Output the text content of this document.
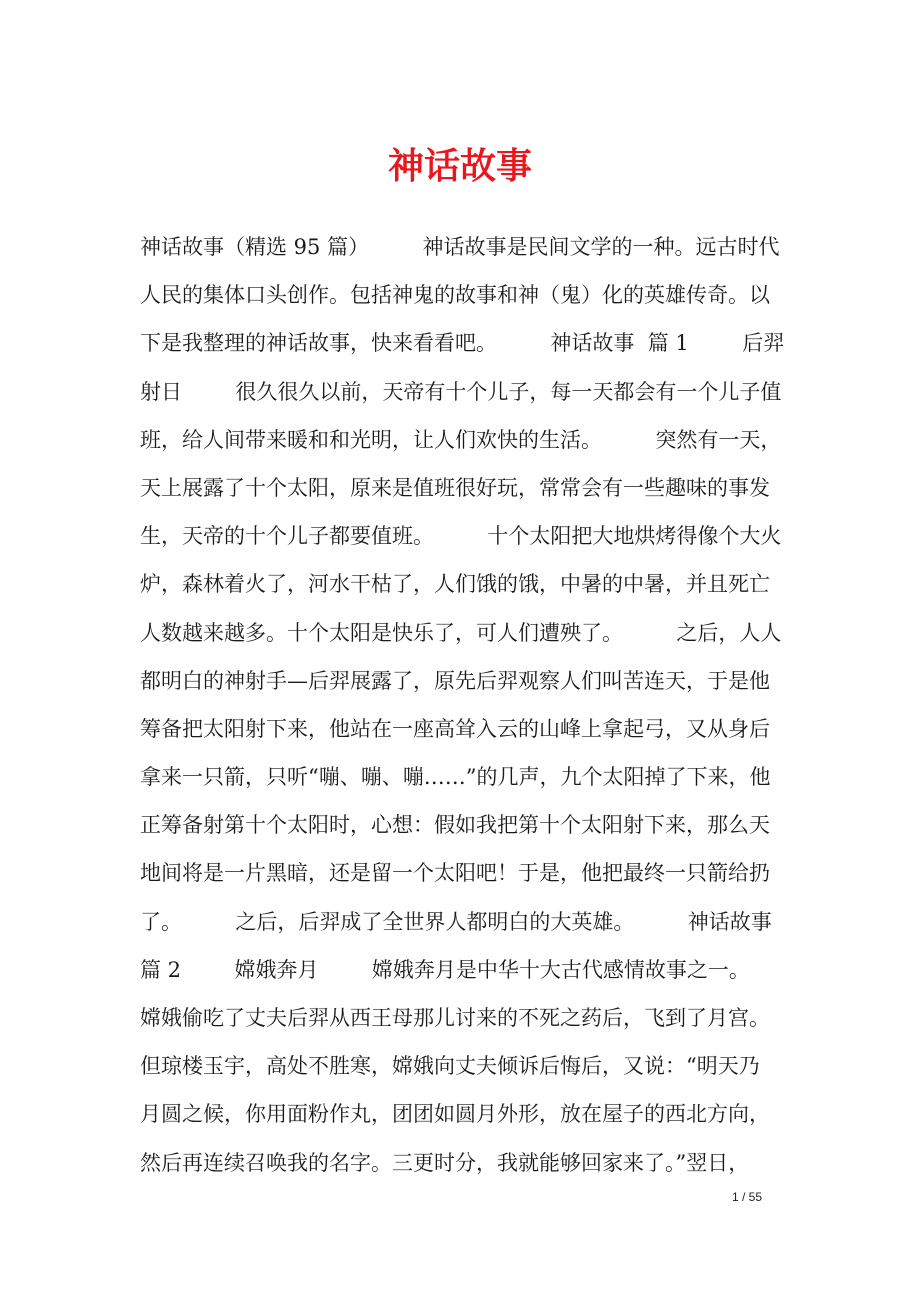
神话故事
神话故事（精选 95 篇）        神话故事是民间文学的一种。远古时代
人民的集体口头创作。包括神鬼的故事和神（鬼）化的英雄传奇。以
下是我整理的神话故事，快来看看吧。        神话故事  篇 1        后羿
射日        很久很久以前，天帝有十个儿子，每一天都会有一个儿子值
班，给人间带来暖和和光明，让人们欢快的生活。        突然有一天，
天上展露了十个太阳，原来是值班很好玩，常常会有一些趣味的事发
生，天帝的十个儿子都要值班。        十个太阳把大地烘烤得像个大火
炉，森林着火了，河水干枯了，人们饿的饿，中暑的中暑，并且死亡
人数越来越多。十个太阳是快乐了，可人们遭殃了。        之后，人人
都明白的神射手—后羿展露了，原先后羿观察人们叫苦连天，于是他
筹备把太阳射下来，他站在一座高耸入云的山峰上拿起弓，又从身后
拿来一只箭，只听“嘣、嘣、嘣……”的几声，九个太阳掉了下来，他
正筹备射第十个太阳时，心想：假如我把第十个太阳射下来，那么天
地间将是一片黑暗，还是留一个太阳吧！于是，他把最终一只箭给扔
了。        之后，后羿成了全世界人都明白的大英雄。        神话故事
篇 2        嫦娥奔月        嫦娥奔月是中华十大古代感情故事之一。
嫦娥偷吃了丈夫后羿从西王母那儿讨来的不死之药后，飞到了月宫。
但琼楼玉宇，高处不胜寒，嫦娥向丈夫倾诉后悔后，又说：“明天乃
月圆之候，你用面粉作丸，团团如圆月外形，放在屋子的西北方向，
然后再连续召唤我的名字。三更时分，我就能够回家来了。”翌日，
1 / 55
